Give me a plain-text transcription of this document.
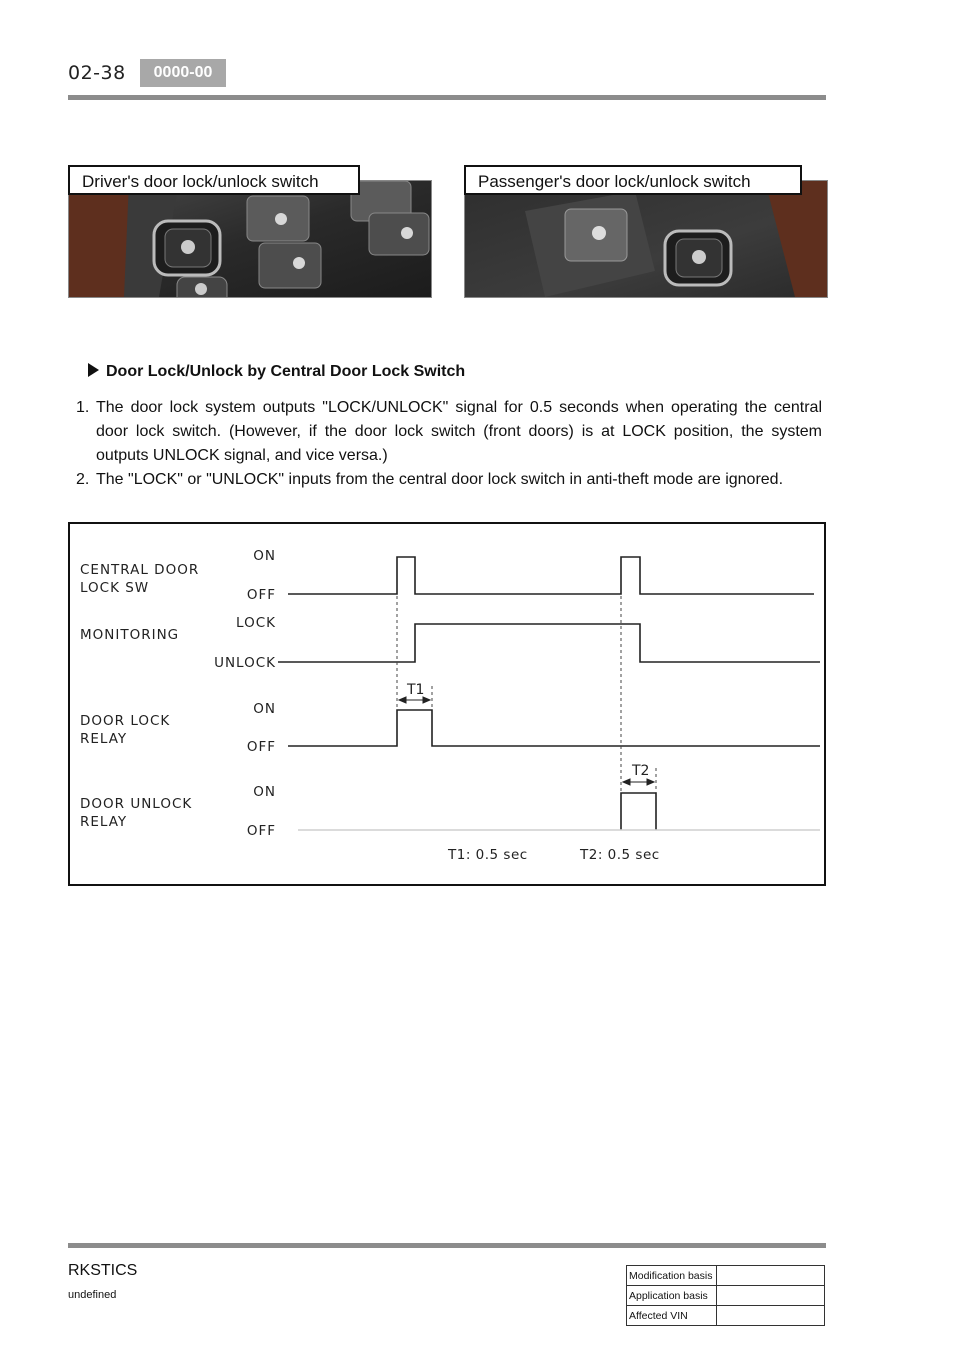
02-38	0000-00
Driver's door lock/unlock switch	Passenger's door lock/unlock switch
Door Lock/Unlock by Central Door Lock Switch
1. The door lock system outputs "LOCK/UNLOCK" signal for 0.5 seconds when operating the central door lock switch. (However, if the door lock switch (front doors) is at LOCK position, the system outputs UNLOCK signal, and vice versa.)
2. The "LOCK" or "UNLOCK" inputs from the central door lock switch in anti-theft mode are ignored.
CENTRAL DOOR
LOCK SW
MONITORING
DOOR LOCK
RELAY
DOOR UNLOCK
RELAY
ON
OFF
LOCK
UNLOCK
ON
OFF
ON
OFF
T1
T2
T1: 0.5 sec	T2: 0.5 sec
RKSTICS
undefined
Modification basis	
Application basis	
Affected VIN	
